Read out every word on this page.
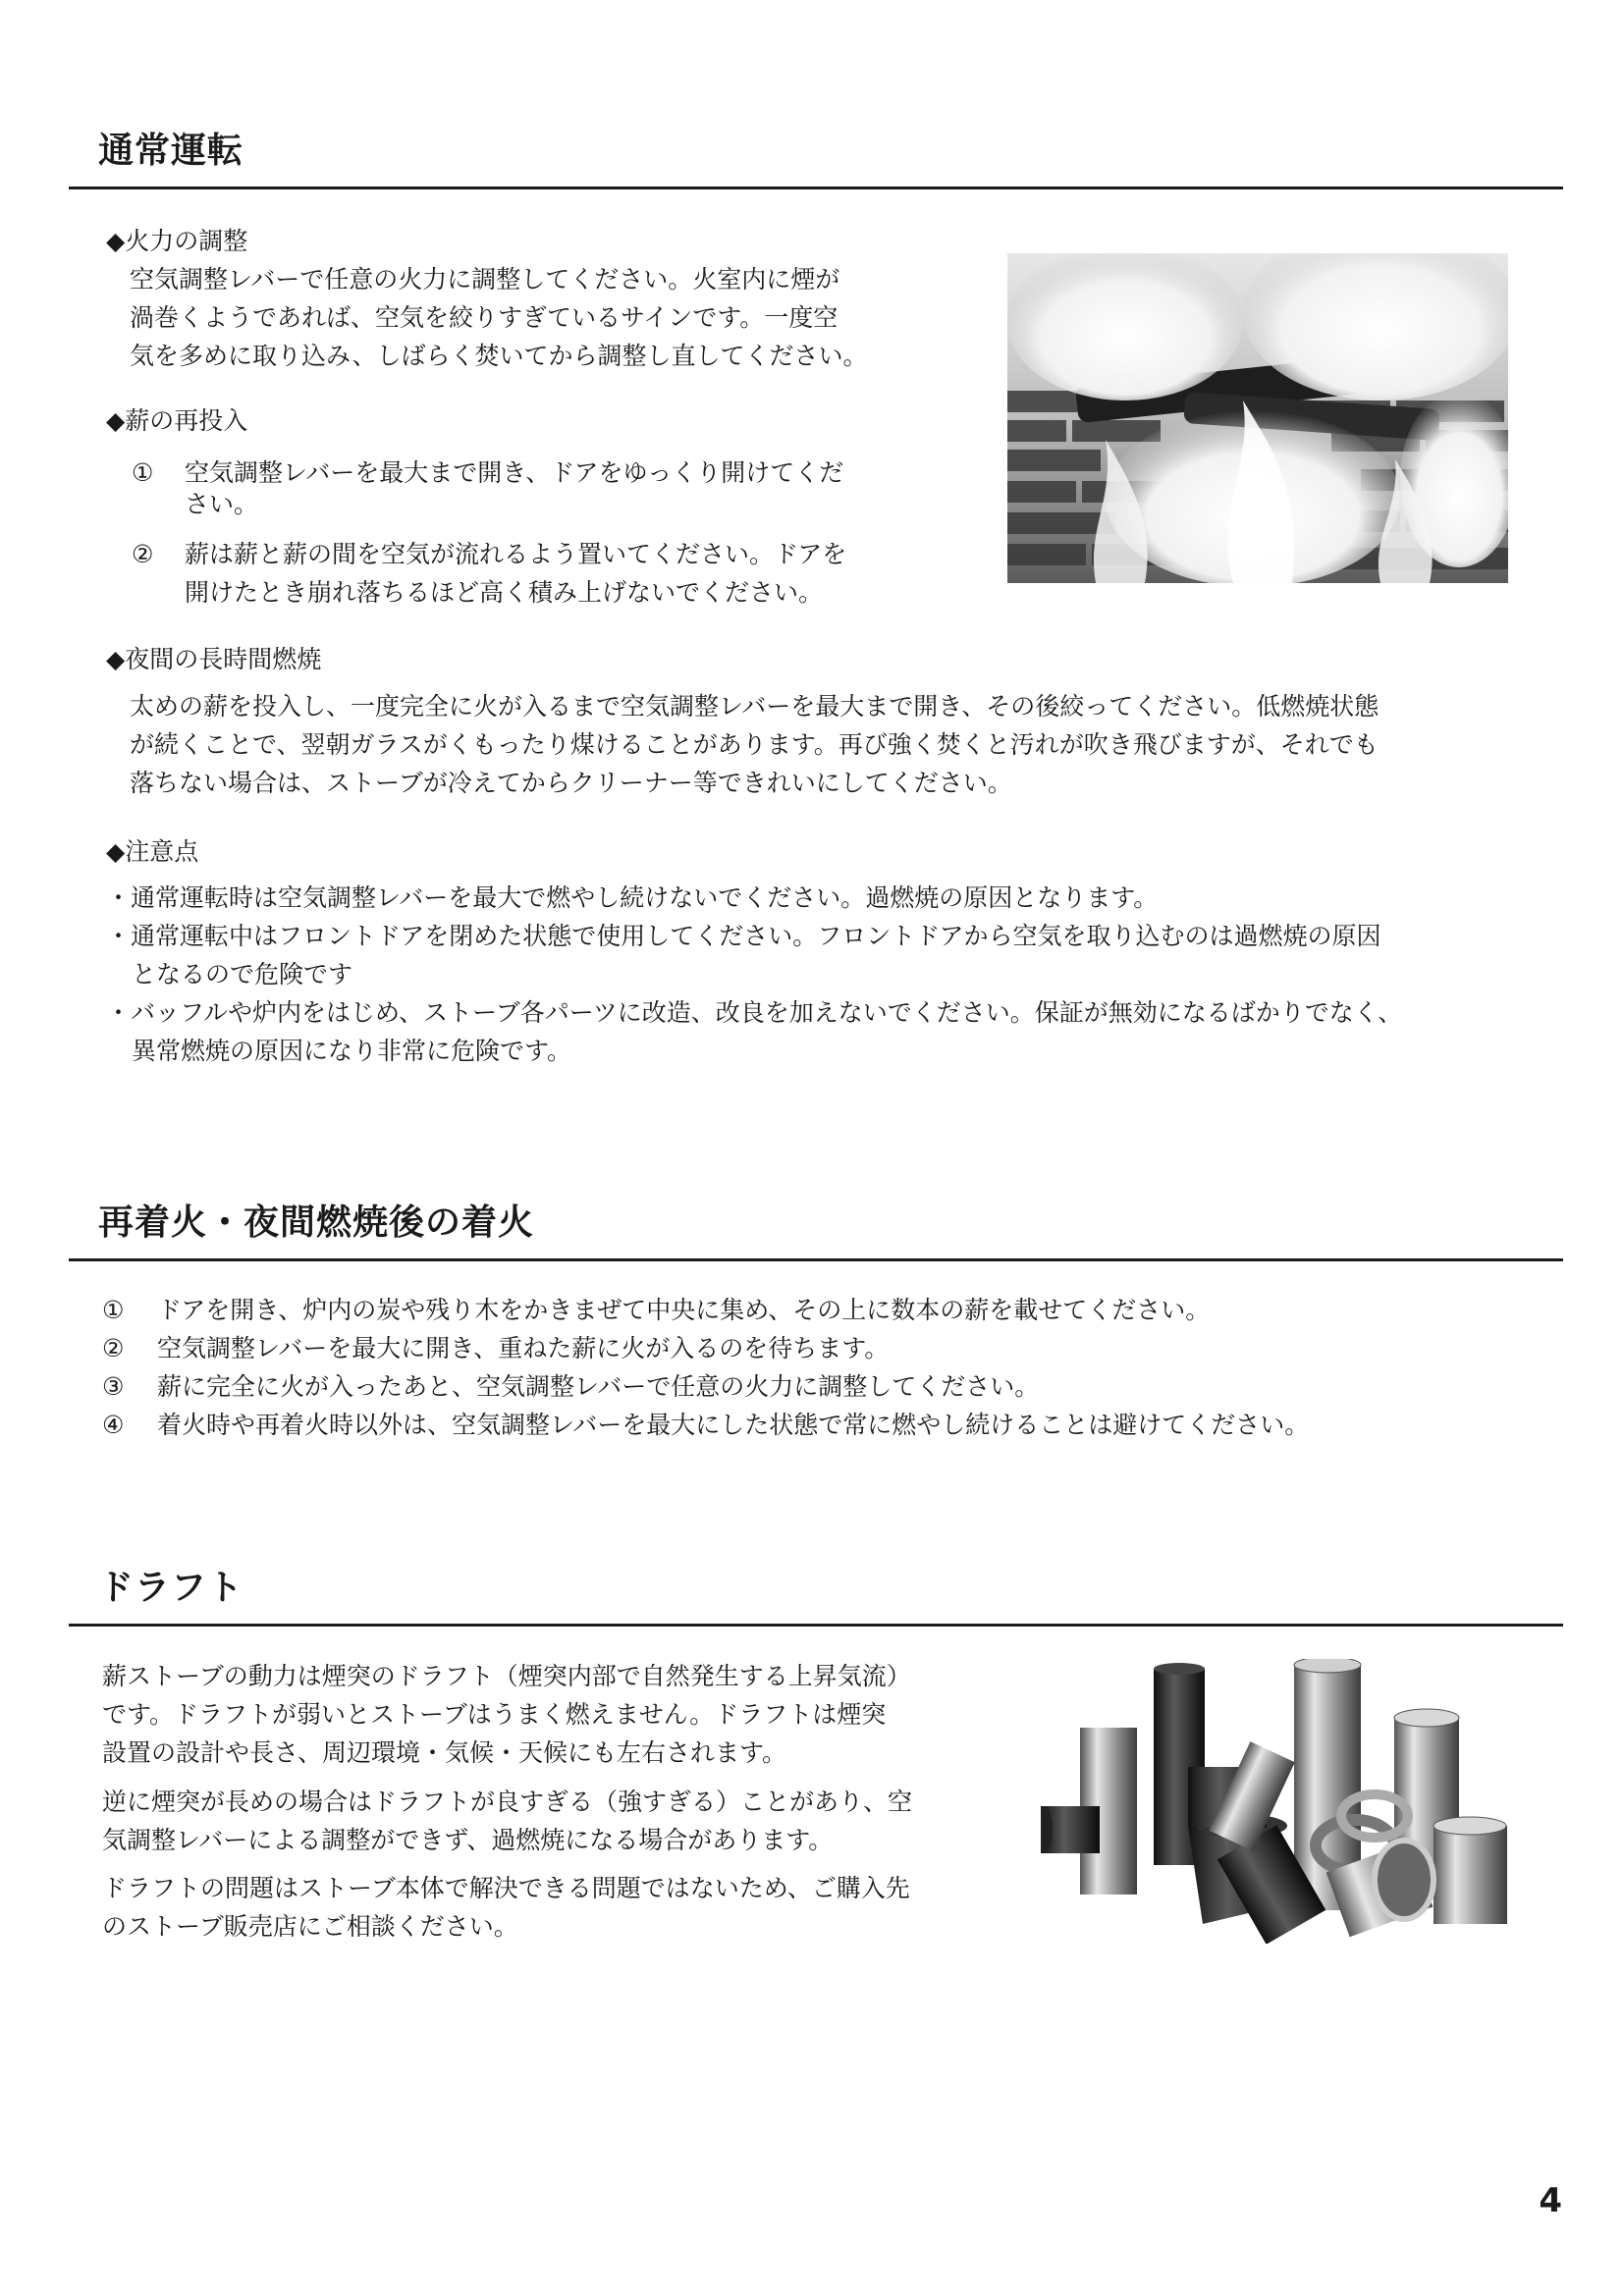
通常運転

◆火力の調整

空気調整レバーで任意の火力に調整してください。火室内に煙が

渦巻くようであれば、空気を絞りすぎているサインです。一度空

気を多めに取り込み、しばらく焚いてから調整し直してください。

◆薪の再投入

① 空気調整レバーを最大まで開き、ドアをゆっくり開けてくだ

さい。

② 薪は薪と薪の間を空気が流れるよう置いてください。ドアを

開けたとき崩れ落ちるほど高く積み上げないでください。

◆夜間の長時間燃焼

太めの薪を投入し、一度完全に火が入るまで空気調整レバーを最大まで開き、その後絞ってください。低燃焼状態

が続くことで、翌朝ガラスがくもったり煤けることがあります。再び強く焚くと汚れが吹き飛びますが、それでも

落ちない場合は、ストーブが冷えてからクリーナー等できれいにしてください。

◆注意点

・通常運転時は空気調整レバーを最大で燃やし続けないでください。過燃焼の原因となります。

・通常運転中はフロントドアを閉めた状態で使用してください。フロントドアから空気を取り込むのは過燃焼の原因

となるので危険です

・バッフルや炉内をはじめ、ストーブ各パーツに改造、改良を加えないでください。保証が無効になるばかりでなく、

異常燃焼の原因になり非常に危険です。

再着火・夜間燃焼後の着火

① ドアを開き、炉内の炭や残り木をかきまぜて中央に集め、その上に数本の薪を載せてください。

② 空気調整レバーを最大に開き、重ねた薪に火が入るのを待ちます。

③ 薪に完全に火が入ったあと、空気調整レバーで任意の火力に調整してください。

④ 着火時や再着火時以外は、空気調整レバーを最大にした状態で常に燃やし続けることは避けてください。

ドラフト

薪ストーブの動力は煙突のドラフト（煙突内部で自然発生する上昇気流）

です。ドラフトが弱いとストーブはうまく燃えません。ドラフトは煙突

設置の設計や長さ、周辺環境・気候・天候にも左右されます。

逆に煙突が長めの場合はドラフトが良すぎる（強すぎる）ことがあり、空

気調整レバーによる調整ができず、過燃焼になる場合があります。

ドラフトの問題はストーブ本体で解決できる問題ではないため、ご購入先

のストーブ販売店にご相談ください。

4
